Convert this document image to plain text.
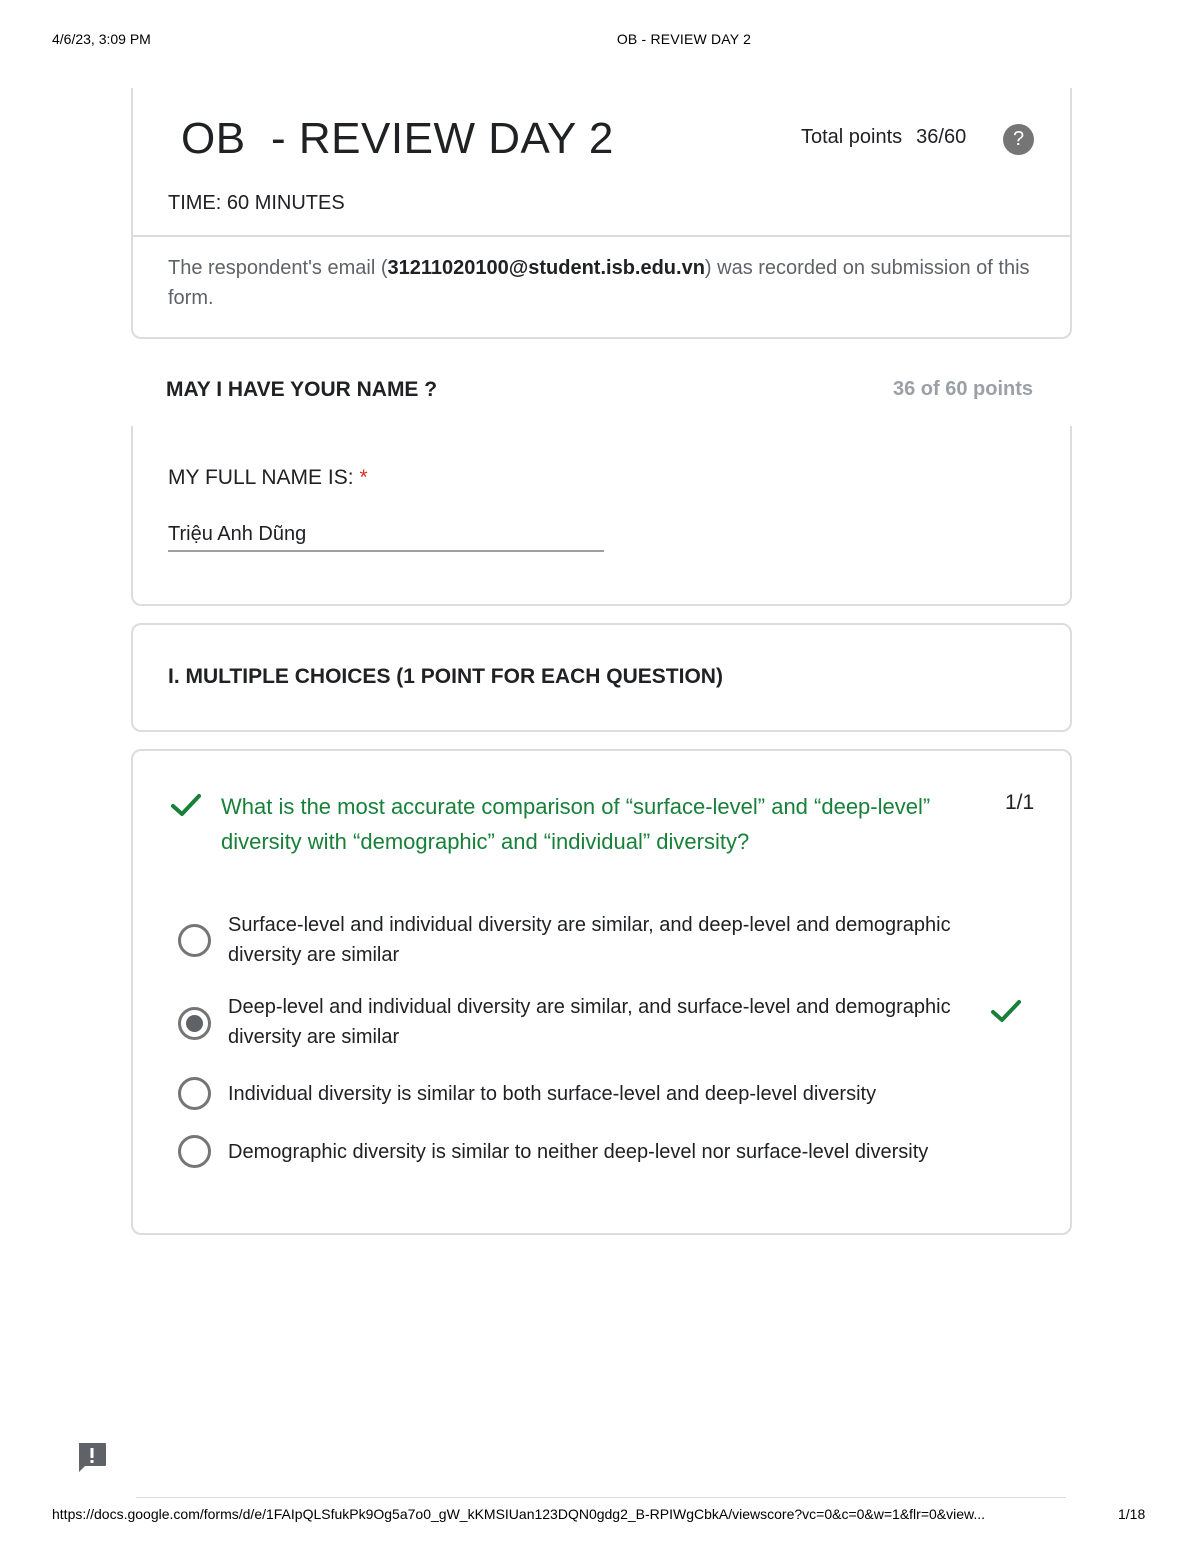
4/6/23, 3:09 PM	OB - REVIEW DAY 2
OB  - REVIEW DAY 2	Total points 36/60	?
TIME: 60 MINUTES
The respondent's email (31211020100@student.isb.edu.vn) was recorded on submission of this form.
MAY I HAVE YOUR NAME ?	36 of 60 points
MY FULL NAME IS: *
Triệu Anh Dũng
I. MULTIPLE CHOICES (1 POINT FOR EACH QUESTION)
What is the most accurate comparison of “surface-level” and “deep-level” diversity with “demographic” and “individual” diversity?
1/1
Surface-level and individual diversity are similar, and deep-level and demographic diversity are similar
Deep-level and individual diversity are similar, and surface-level and demographic diversity are similar
Individual diversity is similar to both surface-level and deep-level diversity
Demographic diversity is similar to neither deep-level nor surface-level diversity
https://docs.google.com/forms/d/e/1FAIpQLSfukPk9Og5a7o0_gW_kKMSIUan123DQN0gdg2_B-RPIWgCbkA/viewscore?vc=0&c=0&w=1&flr=0&view...	1/18
